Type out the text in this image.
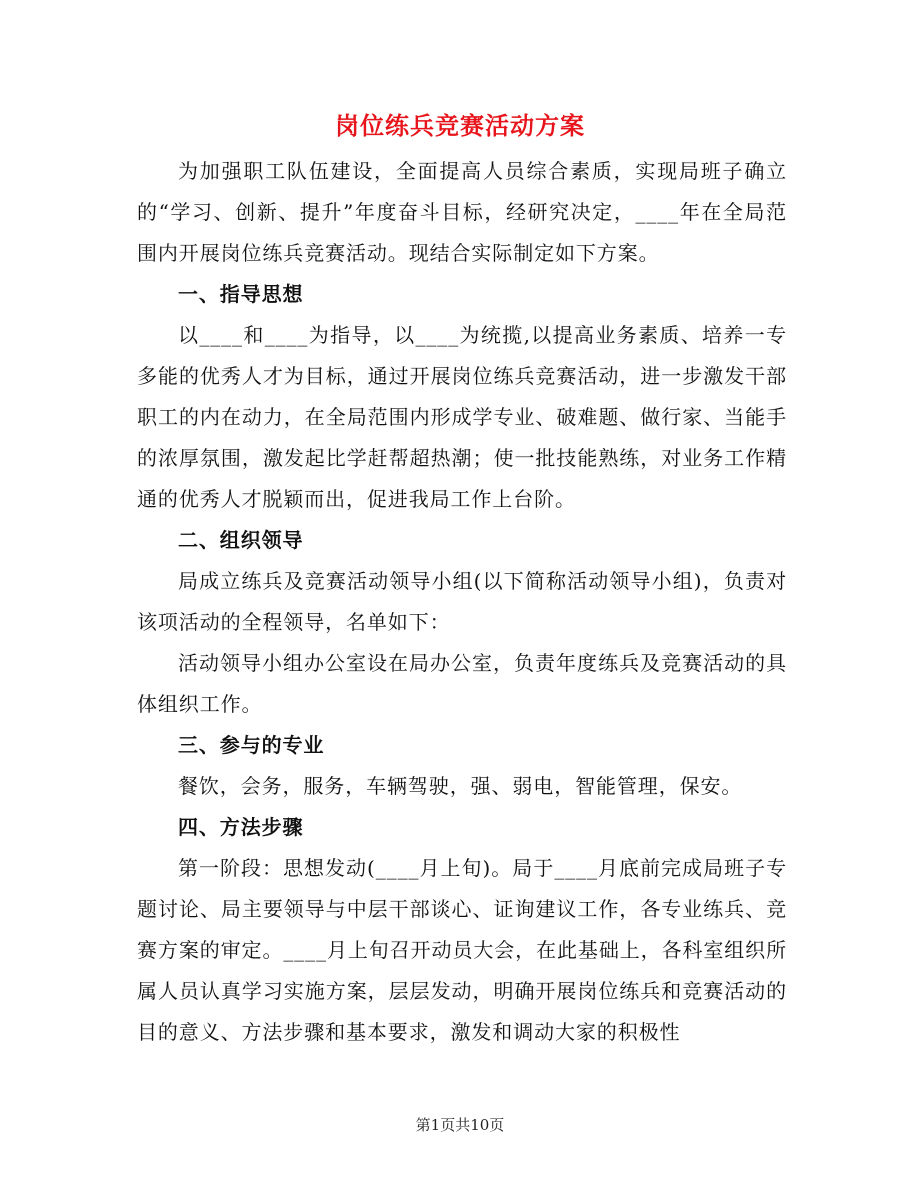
岗位练兵竞赛活动方案

为加强职工队伍建设，全面提高人员综合素质，实现局班子确立的“学习、创新、提升”年度奋斗目标，经研究决定，____年在全局范围内开展岗位练兵竞赛活动。现结合实际制定如下方案。

一、指导思想

以____和____为指导，以____为统揽,以提高业务素质、培养一专多能的优秀人才为目标，通过开展岗位练兵竞赛活动，进一步激发干部职工的内在动力，在全局范围内形成学专业、破难题、做行家、当能手的浓厚氛围，激发起比学赶帮超热潮；使一批技能熟练，对业务工作精通的优秀人才脱颖而出，促进我局工作上台阶。

二、组织领导

局成立练兵及竞赛活动领导小组(以下简称活动领导小组)，负责对该项活动的全程领导，名单如下：

活动领导小组办公室设在局办公室，负责年度练兵及竞赛活动的具体组织工作。

三、参与的专业

餐饮，会务，服务，车辆驾驶，强、弱电，智能管理，保安。

四、方法步骤

第一阶段：思想发动(____月上旬)。局于____月底前完成局班子专题讨论、局主要领导与中层干部谈心、证询建议工作，各专业练兵、竞赛方案的审定。____月上旬召开动员大会，在此基础上，各科室组织所属人员认真学习实施方案，层层发动，明确开展岗位练兵和竞赛活动的目的意义、方法步骤和基本要求，激发和调动大家的积极性

第1页共10页
